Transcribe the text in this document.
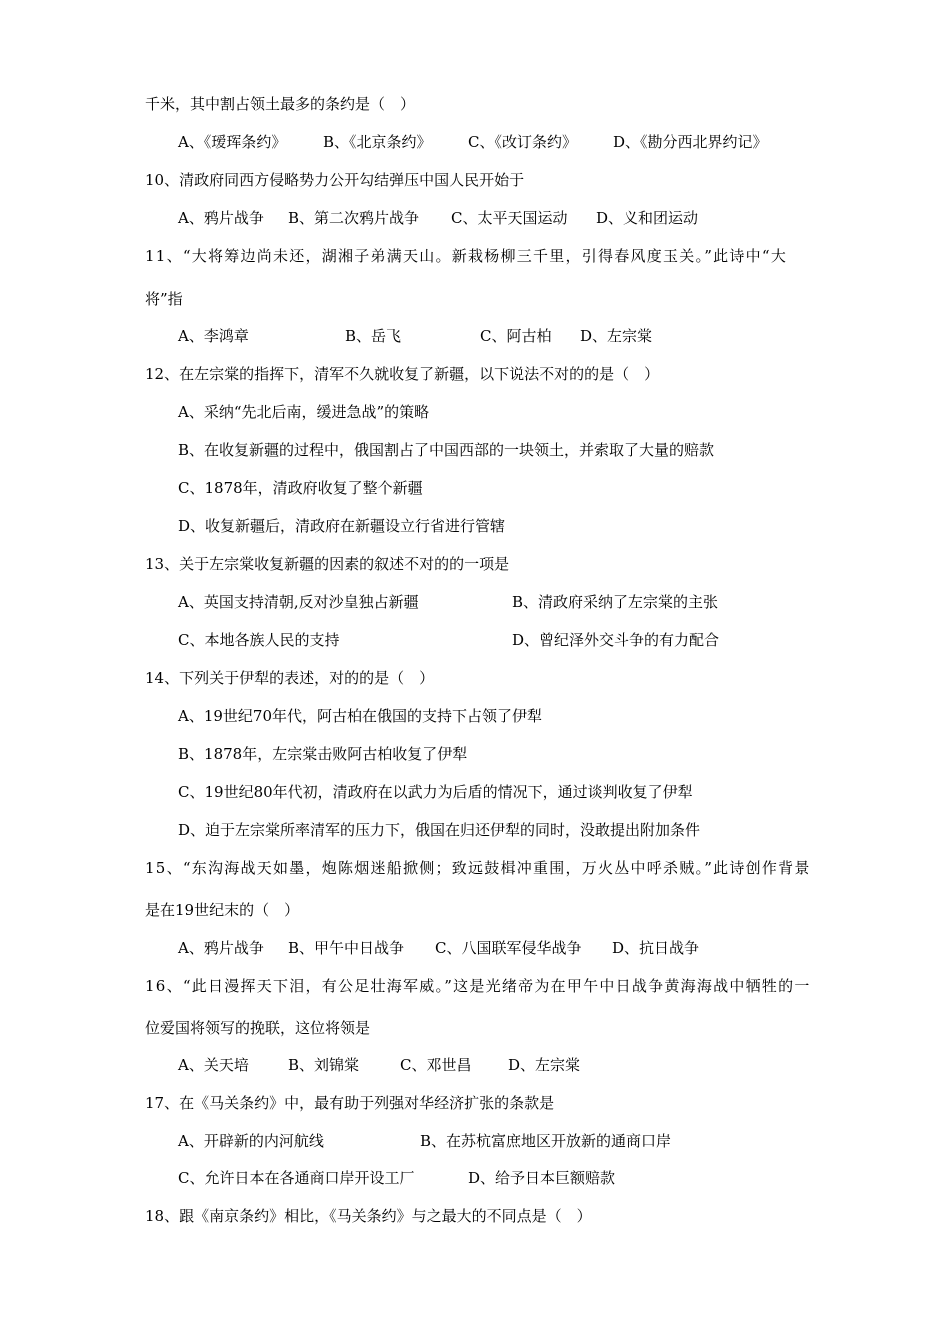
千米，其中割占领土最多的条约是（　）
A、《瑷珲条约》 B、《北京条约》 C、《改订条约》 D、《勘分西北界约记》
10、清政府同西方侵略势力公开勾结弹压中国人民开始于
A、鸦片战争 B、第二次鸦片战争 C、太平天国运动 D、义和团运动
11、“大将筹边尚未还，湖湘子弟满天山。新栽杨柳三千里，引得春风度玉关。”此诗中“大
将”指
A、李鸿章	B、岳飞	C、阿古柏 D、左宗棠
12、在左宗棠的指挥下，清军不久就收复了新疆，以下说法不对的的是（　）
A、采纳“先北后南，缓进急战”的策略
B、在收复新疆的过程中，俄国割占了中国西部的一块领土，并索取了大量的赔款
C、1878年，清政府收复了整个新疆
D、收复新疆后，清政府在新疆设立行省进行管辖
13、关于左宗棠收复新疆的因素的叙述不对的的一项是
A、英国支持清朝,反对沙皇独占新疆	B、清政府采纳了左宗棠的主张
C、本地各族人民的支持	D、曾纪泽外交斗争的有力配合
14、下列关于伊犁的表述，对的的是（　）
A、19世纪70年代，阿古柏在俄国的支持下占领了伊犁
B、1878年，左宗棠击败阿古柏收复了伊犁
C、19世纪80年代初，清政府在以武力为后盾的情况下，通过谈判收复了伊犁
D、迫于左宗棠所率清军的压力下，俄国在归还伊犁的同时，没敢提出附加条件
15、“东沟海战天如墨，炮陈烟迷船掀侧；致远鼓楫冲重围，万火丛中呼杀贼。”此诗创作背景
是在19世纪末的（　）
A、鸦片战争 B、甲午中日战争 C、八国联军侵华战争 D、抗日战争
16、“此日漫挥天下泪，有公足壮海军威。”这是光绪帝为在甲午中日战争黄海海战中牺牲的一
位爱国将领写的挽联，这位将领是
A、关天培	B、刘锦棠	C、邓世昌 D、左宗棠
17、在《马关条约》中，最有助于列强对华经济扩张的条款是
A、开辟新的内河航线	B、在苏杭富庶地区开放新的通商口岸
C、允许日本在各通商口岸开设工厂	D、给予日本巨额赔款
18、跟《南京条约》相比，《马关条约》与之最大的不同点是（　）
